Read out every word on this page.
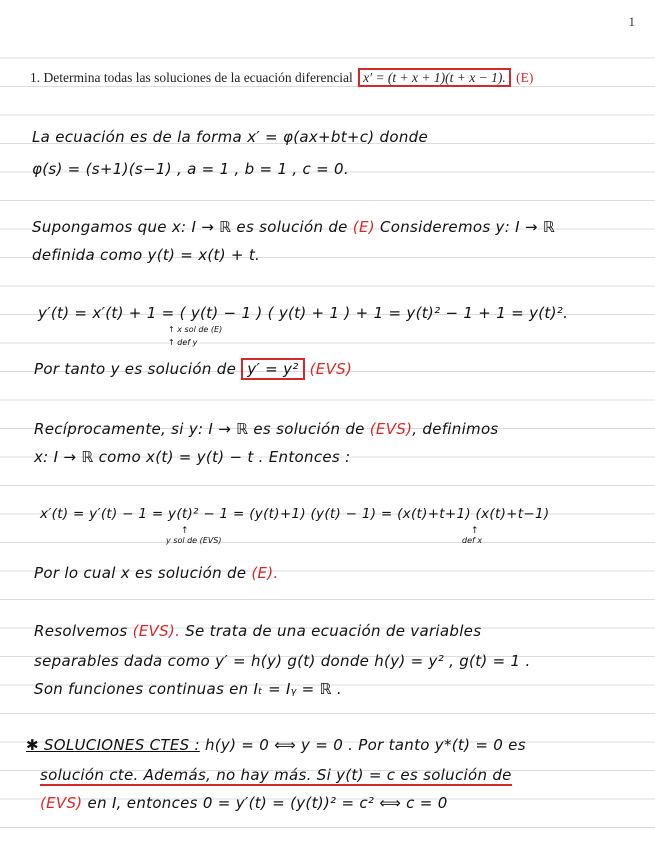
1
1. Determina todas las soluciones de la ecuación diferencial x′ = (t + x + 1)(t + x − 1). (E)
La ecuación es de la forma x′ = φ(ax+bt+c) donde
φ(s) = (s+1)(s−1) , a = 1 , b = 1 , c = 0.
Supongamos que x: I → ℝ es solución de (E) Consideremos y: I → ℝ
definida como y(t) = x(t) + t.
y′(t) = x′(t) + 1 = ( y(t) − 1 ) ( y(t) + 1 ) + 1 = y(t)² − 1 + 1 = y(t)².
↑ x sol de (E)
↑ def y
Por tanto y es solución de y′ = y² (EVS)
Recíprocamente, si y: I → ℝ es solución de (EVS), definimos
x: I → ℝ como x(t) = y(t) − t . Entonces :
x′(t) = y′(t) − 1 = y(t)² − 1 = (y(t)+1) (y(t) − 1) = (x(t)+t+1) (x(t)+t−1)
↑
y sol de (EVS)
↑
def x
Por lo cual x es solución de (E).
Resolvemos (EVS). Se trata de una ecuación de variables
separables dada como y′ = h(y) g(t) donde h(y) = y² , g(t) = 1 .
Son funciones continuas en Iₜ = Iᵧ = ℝ .
✱ SOLUCIONES CTES : h(y) = 0 ⟺ y = 0 . Por tanto y*(t) = 0 es
solución cte. Además, no hay más. Si y(t) = c es solución de
(EVS) en I, entonces 0 = y′(t) = (y(t))² = c² ⟺ c = 0
